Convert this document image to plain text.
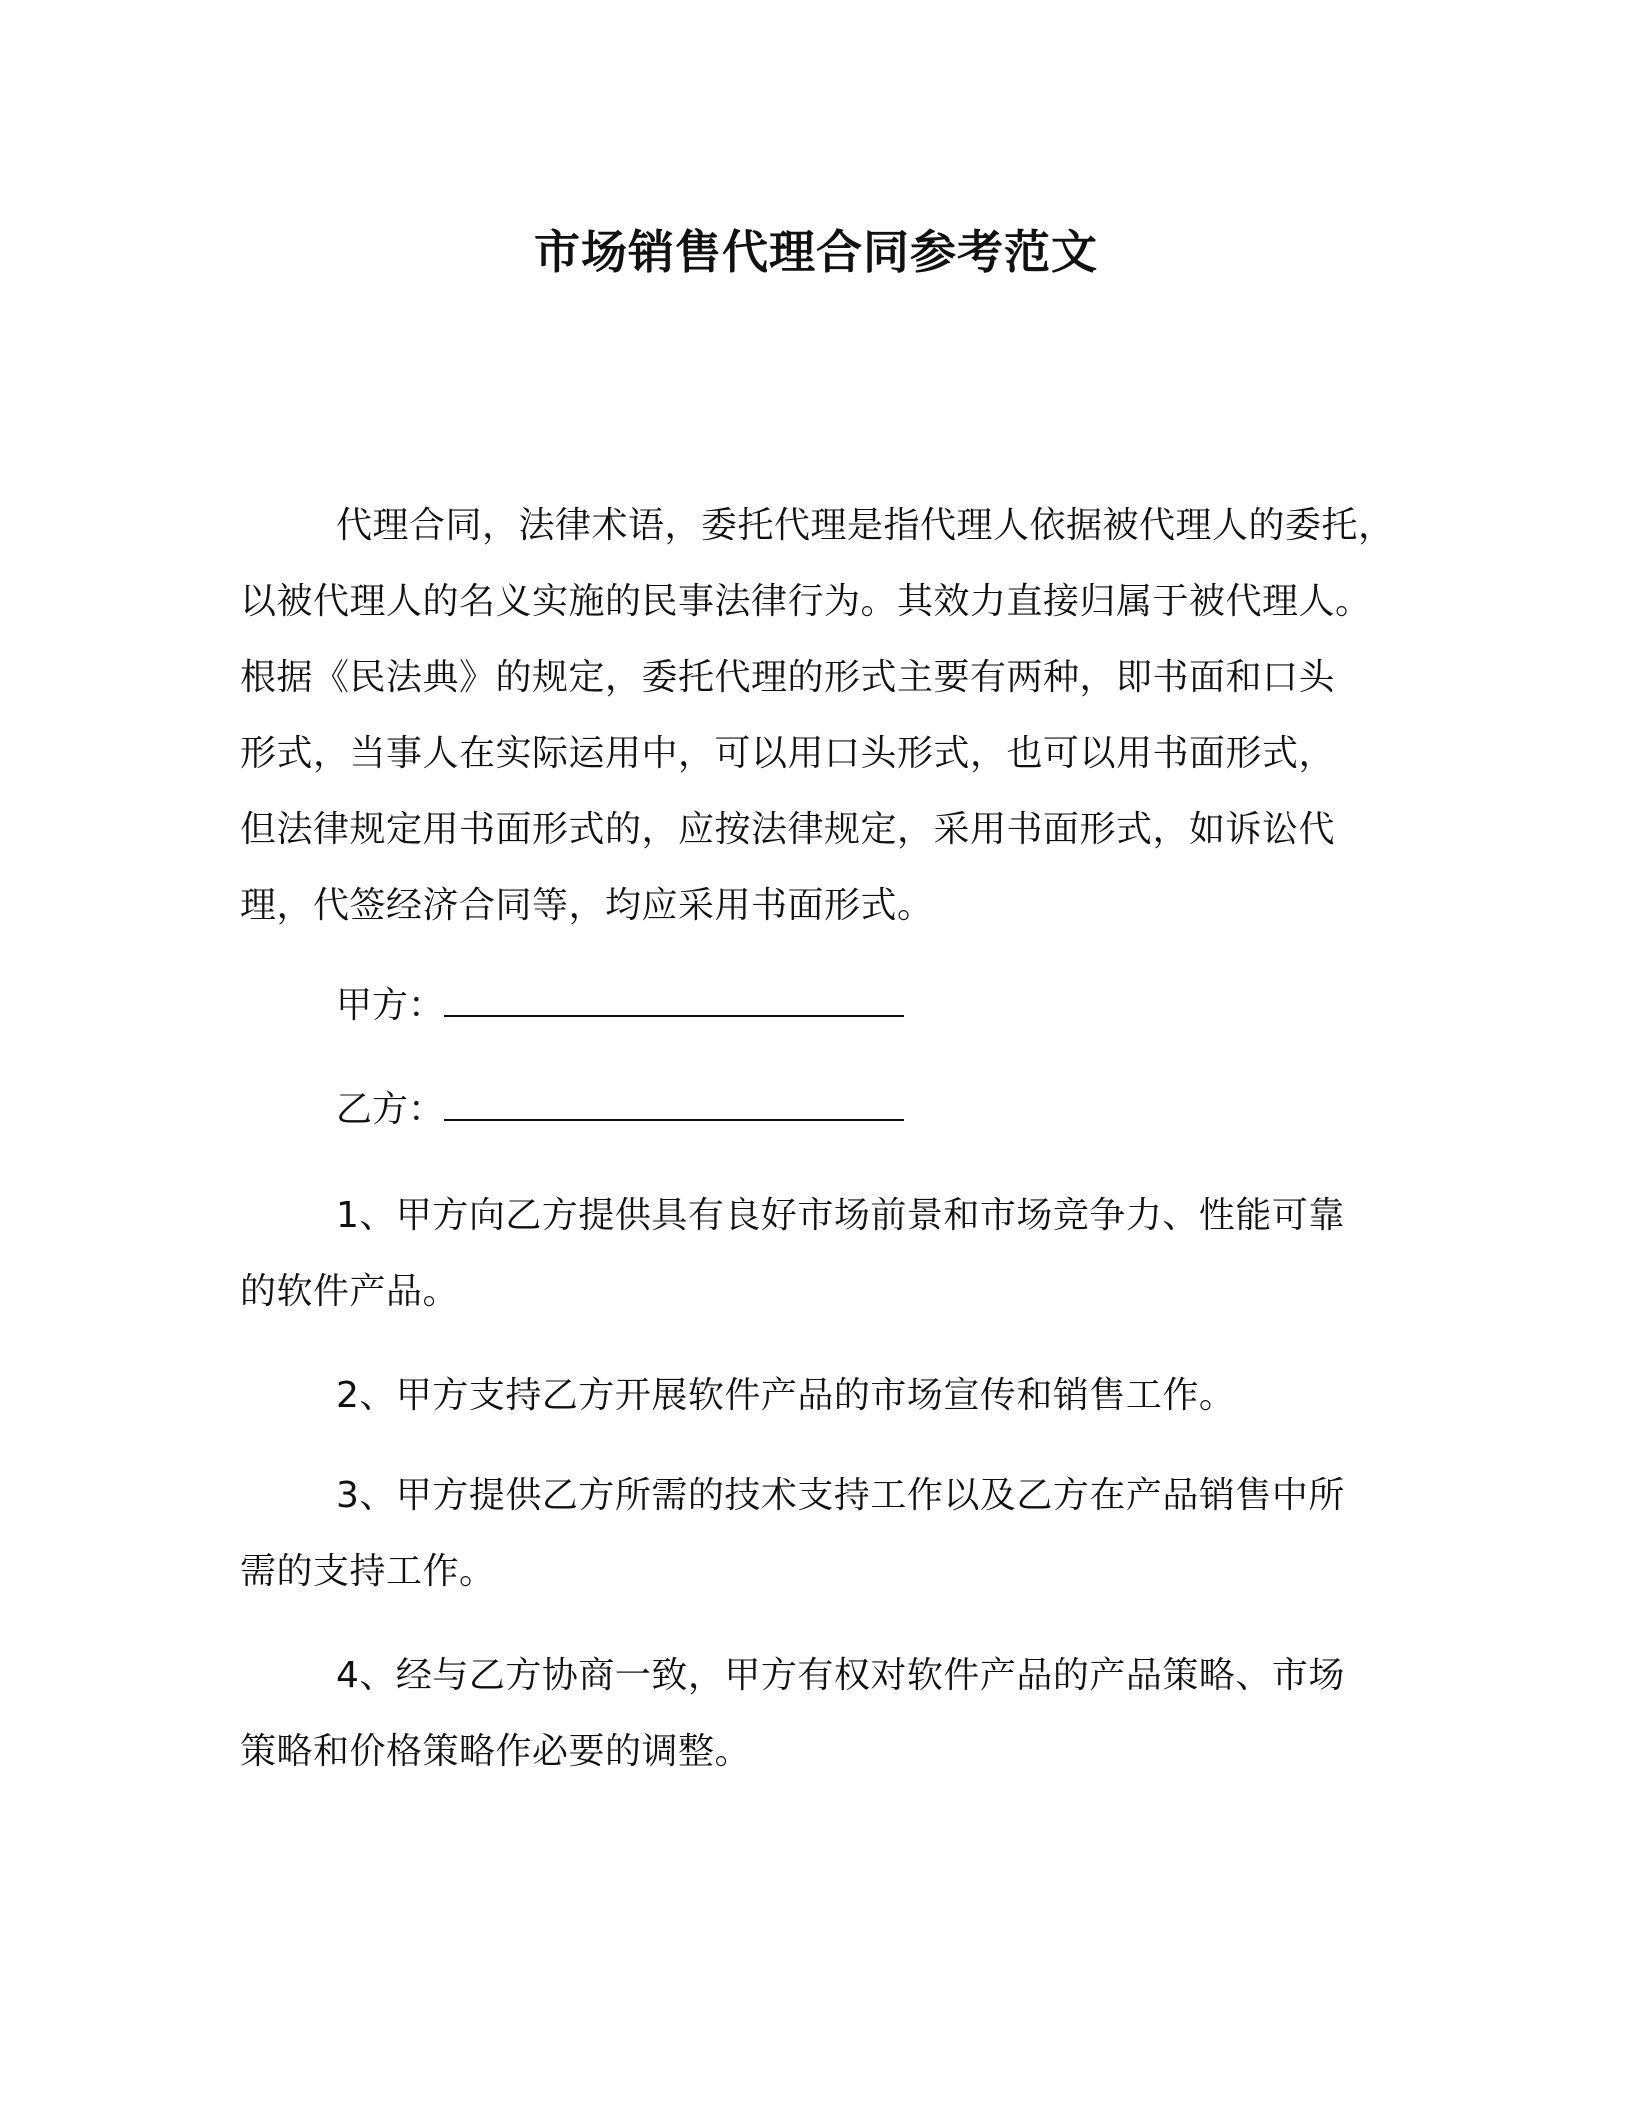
市场销售代理合同参考范文
代理合同，法律术语，委托代理是指代理人依据被代理人的委托，
以被代理人的名义实施的民事法律行为。其效力直接归属于被代理人。
根据《民法典》的规定，委托代理的形式主要有两种，即书面和口头
形式，当事人在实际运用中，可以用口头形式，也可以用书面形式，
但法律规定用书面形式的，应按法律规定，采用书面形式，如诉讼代
理，代签经济合同等，均应采用书面形式。
甲方：
乙方：
1、甲方向乙方提供具有良好市场前景和市场竞争力、性能可靠
的软件产品。
2、甲方支持乙方开展软件产品的市场宣传和销售工作。
3、甲方提供乙方所需的技术支持工作以及乙方在产品销售中所
需的支持工作。
4、经与乙方协商一致，甲方有权对软件产品的产品策略、市场
策略和价格策略作必要的调整。
